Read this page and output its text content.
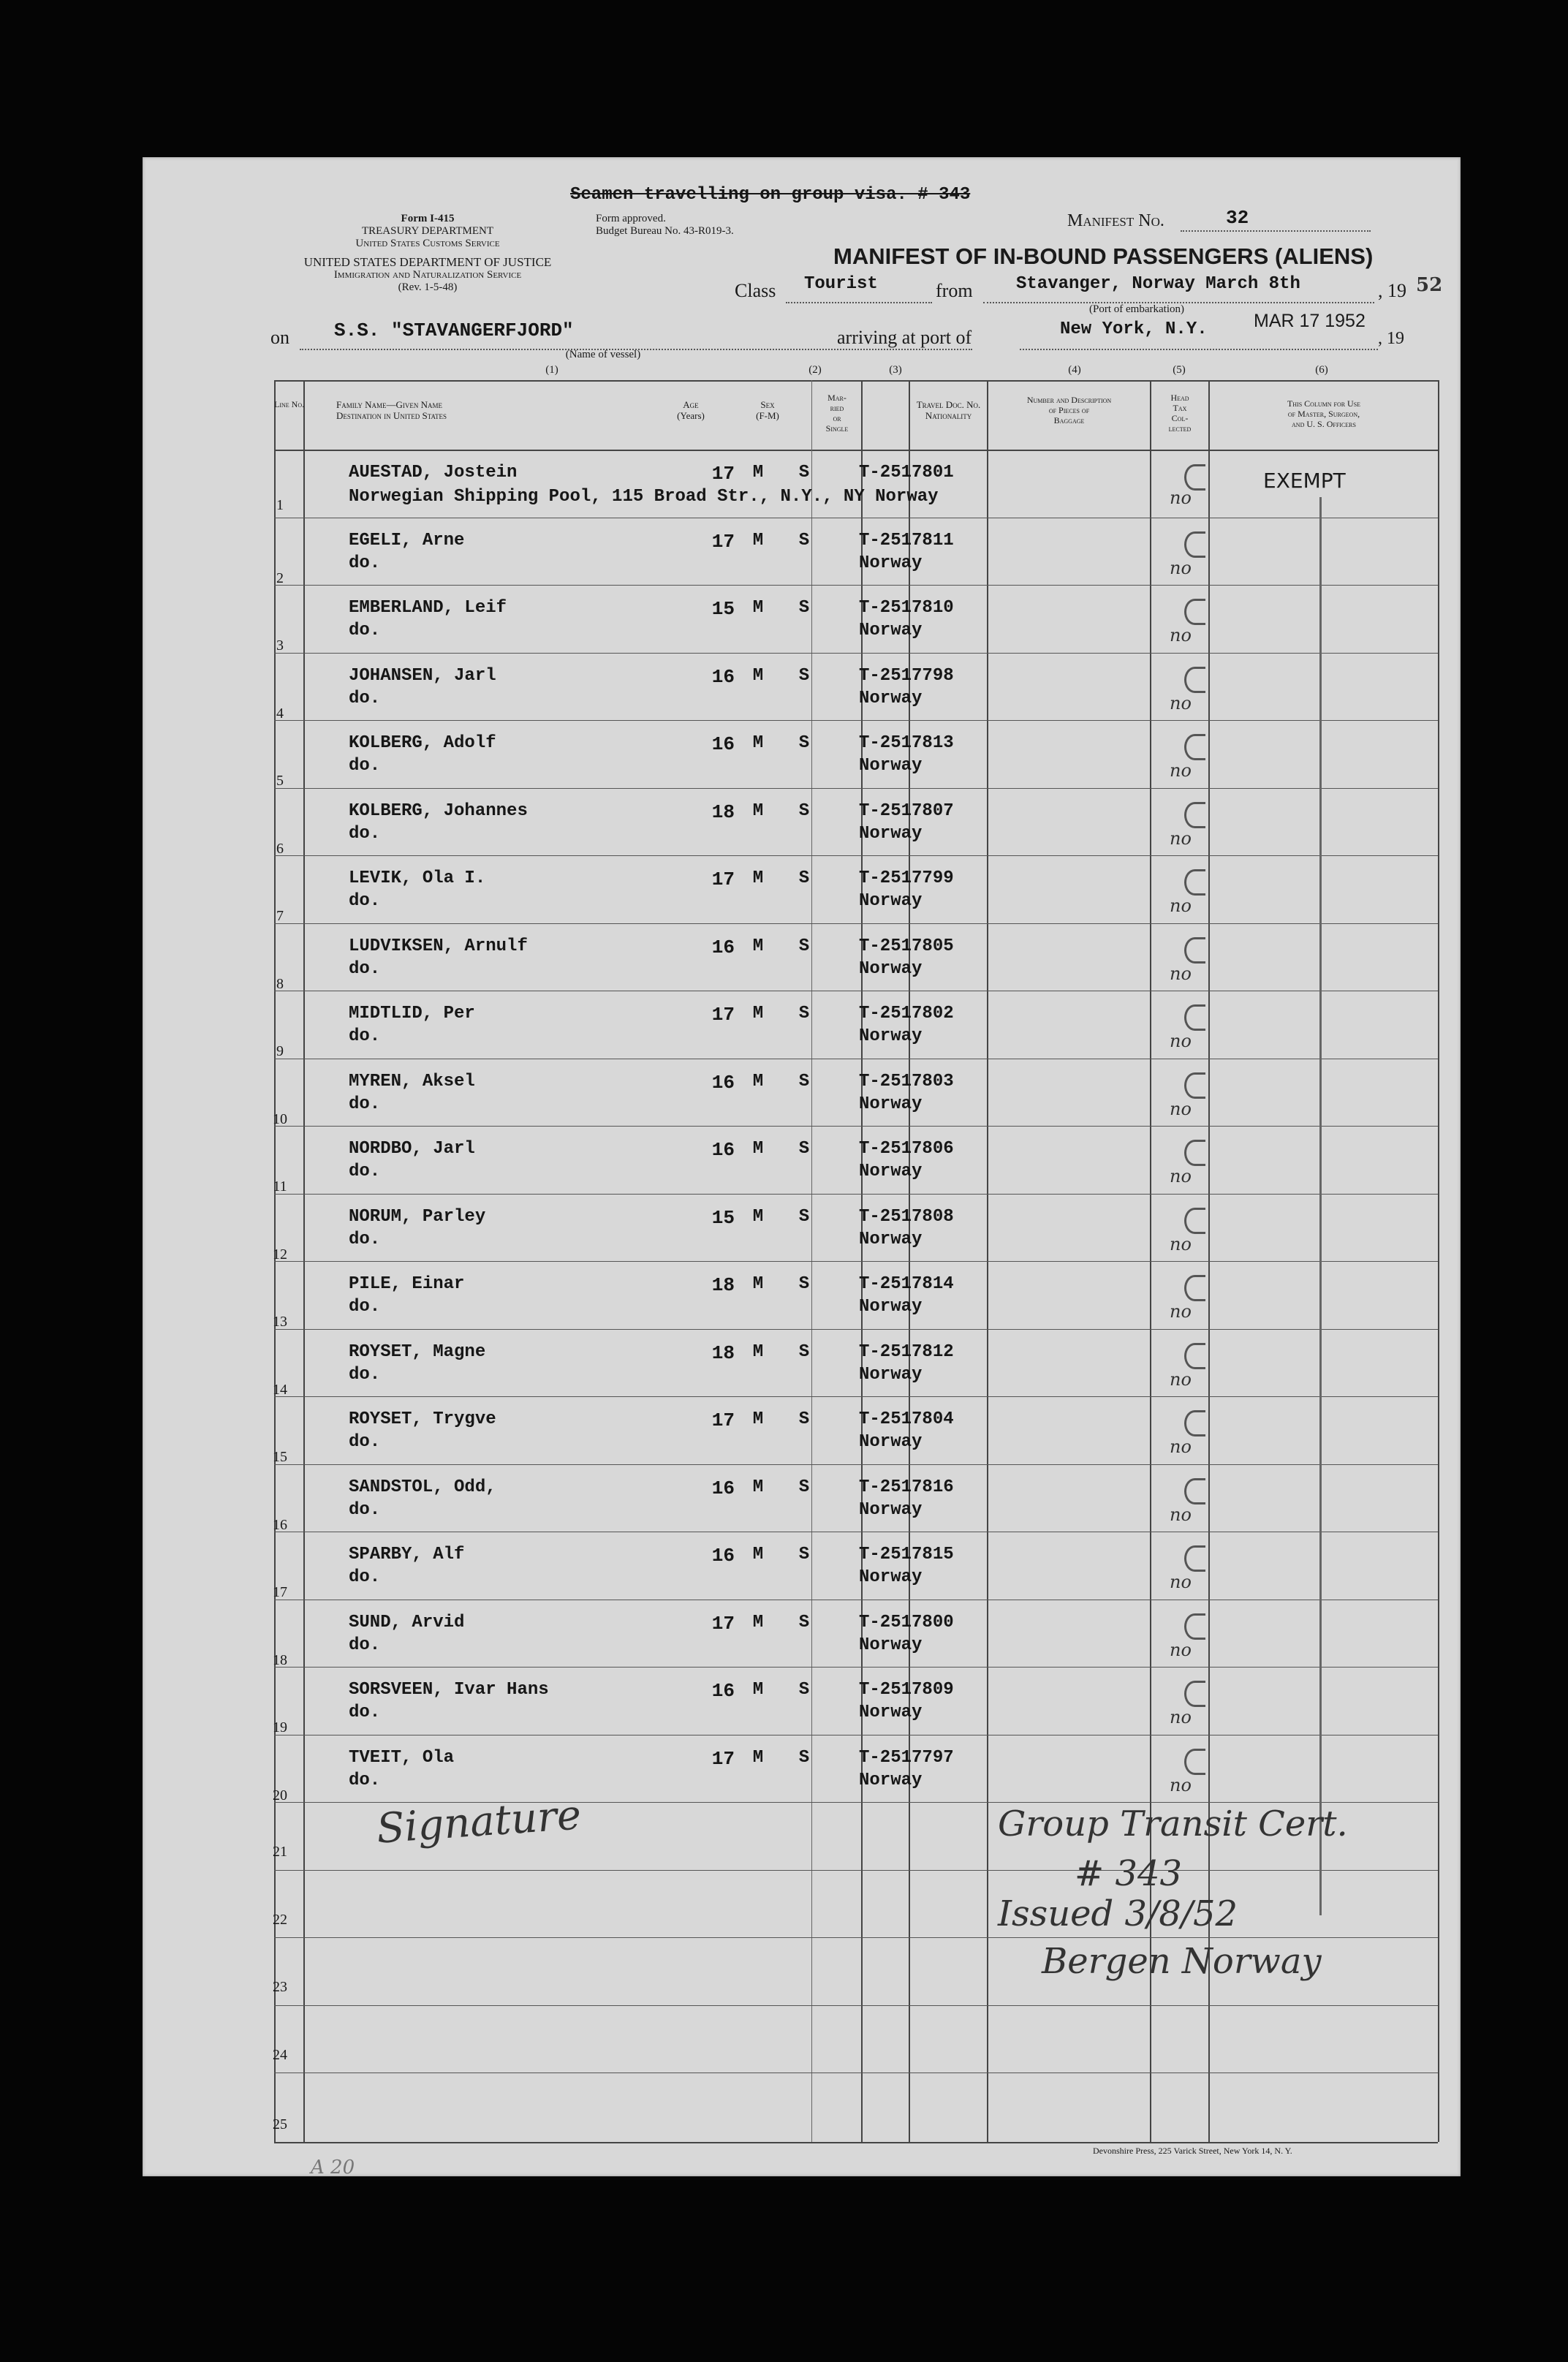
Seamen travelling on group visa. # 343
Form I-415
TREASURY DEPARTMENT
United States Customs Service
Form approved.
Budget Bureau No. 43-R019-3.
UNITED STATES DEPARTMENT OF JUSTICE
Immigration and Naturalization Service
(Rev. 1-5-48)
Manifest No.	32
MANIFEST OF IN-BOUND PASSENGERS (ALIENS)
Class Tourist	from Stavanger, Norway March 8th	, 19 52
(Port of embarkation)
on S.S. "STAVANGERFJORD"
(Name of vessel)
arriving at port of	New York, N.Y.	MAR 17 1952
, 19
(1)	(2)	(3)	(4)	(5)	(6)
Line No.	Family Name—Given Name
Destination in United States
Age
(Years)
Sex
(F-M)
Mar-
ried
or
Single
Travel Doc. No.
Nationality
Number and Description
of Pieces of
Baggage
Head
Tax
Col-
lected
This Column for Use
of Master, Surgeon,
and U. S. Officers
EXEMPT
1
AUESTAD, Jostein
Norwegian Shipping Pool, 115 Broad Str., N.Y., NY Norway
17	M	S	T-2517801
no
2
EGELI, Arne
do.
17	M	S	T-2517811
Norway	no
3
EMBERLAND, Leif
do.
15	M	S	T-2517810
Norway	no
4
JOHANSEN, Jarl
do.
16	M	S	T-2517798
Norway	no
5
KOLBERG, Adolf
do.
16	M	S	T-2517813
Norway	no
6
KOLBERG, Johannes
do.
18	M	S	T-2517807
Norway	no
7
LEVIK, Ola I.
do.
17	M	S	T-2517799
Norway	no
8
LUDVIKSEN, Arnulf
do.
16	M	S	T-2517805
Norway	no
9
MIDTLID, Per
do.
17	M	S	T-2517802
Norway	no
10
MYREN, Aksel
do.
16	M	S	T-2517803
Norway	no
11
NORDBO, Jarl
do.
16	M	S	T-2517806
Norway	no
12
NORUM, Parley
do.
15	M	S	T-2517808
Norway	no
13
PILE, Einar
do.
18	M	S	T-2517814
Norway	no
14
ROYSET, Magne
do.
18	M	S	T-2517812
Norway	no
15
ROYSET, Trygve
do.
17	M	S	T-2517804
Norway	no
16
SANDSTOL, Odd,
do.
16	M	S	T-2517816
Norway	no
17
SPARBY, Alf
do.
16	M	S	T-2517815
Norway	no
18
SUND, Arvid
do.
17	M	S	T-2517800
Norway	no
19
SORSVEEN, Ivar Hans
do.
16	M	S	T-2517809
Norway	no
20
TVEIT, Ola
do.
17	M	S	T-2517797
Norway	no
21
22
23
24
25
Signature	Group Transit Cert.
# 343
Issued 3/8/52
Bergen Norway
Devonshire Press, 225 Varick Street, New York 14, N. Y.
A 20
